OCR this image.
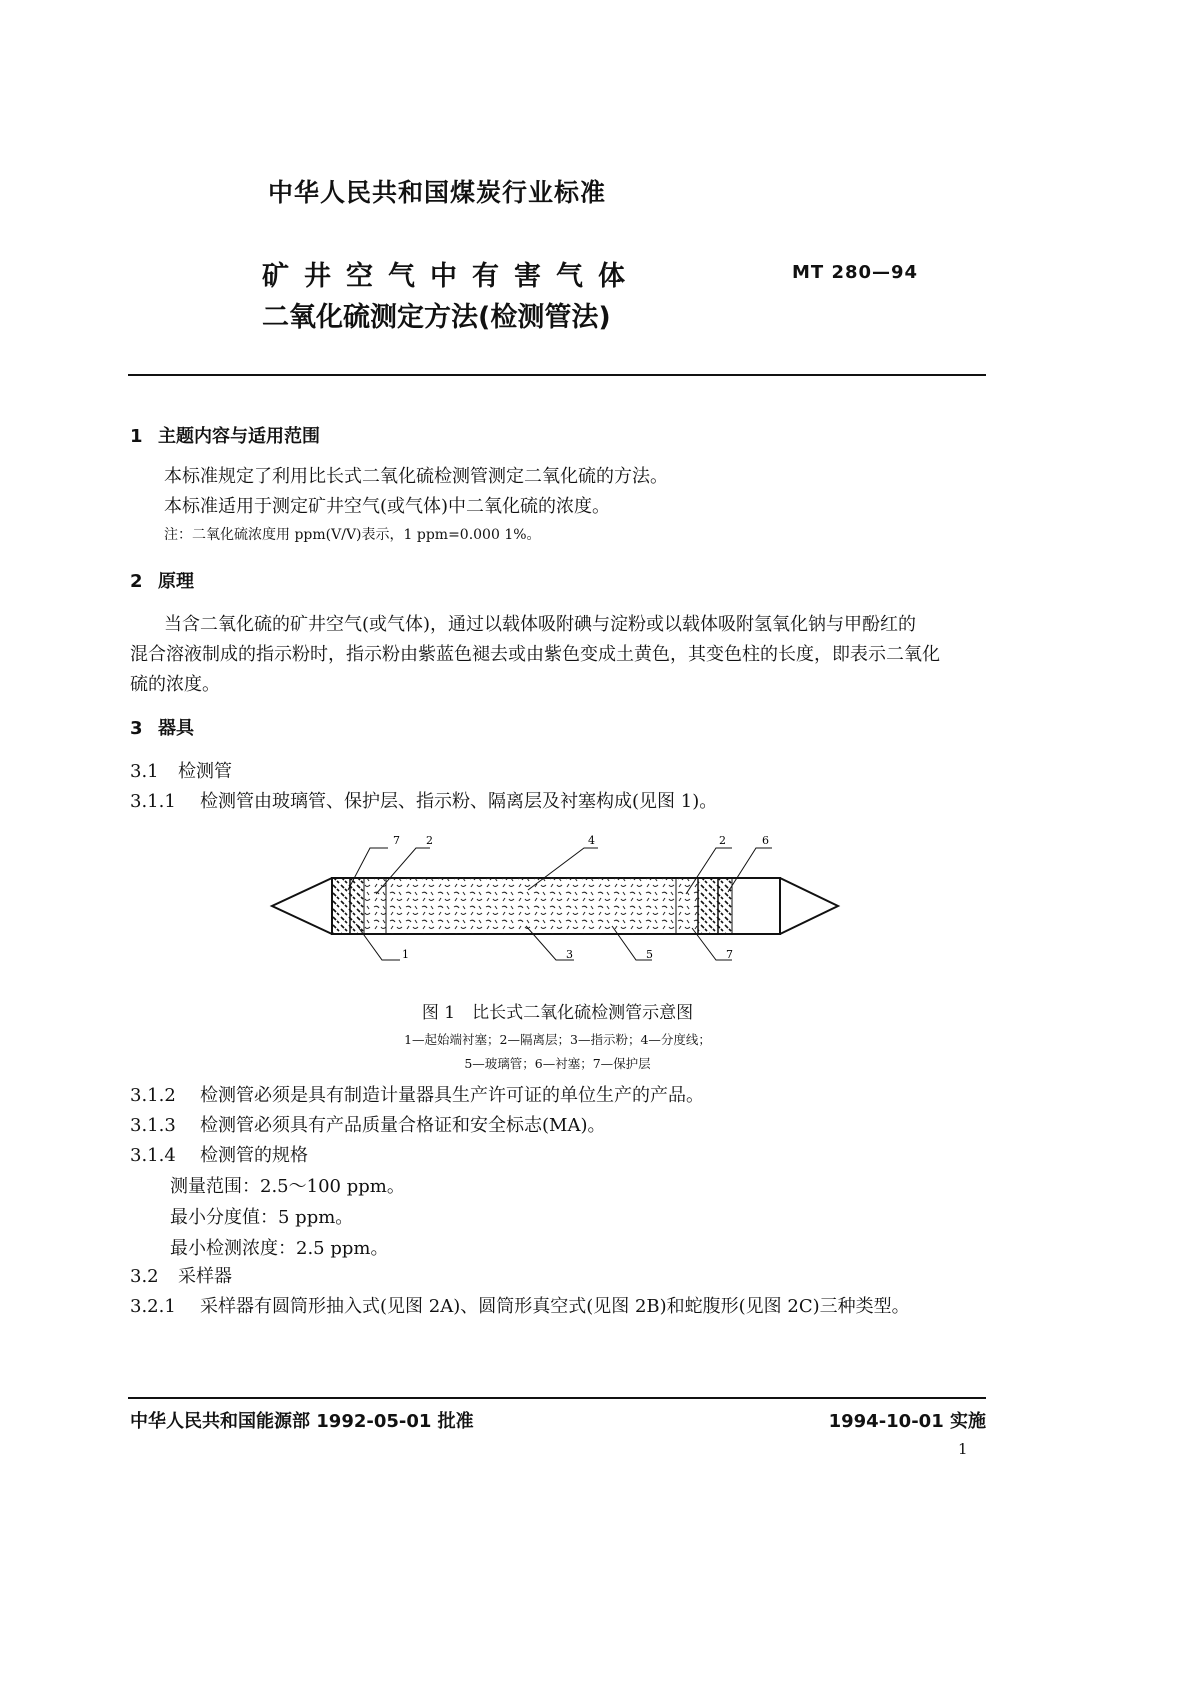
中华人民共和国煤炭行业标准
矿井空气中有害气体
二氧化硫测定方法(检测管法)
MT 280—94
1 主题内容与适用范围
本标准规定了利用比长式二氧化硫检测管测定二氧化硫的方法。
本标准适用于测定矿井空气(或气体)中二氧化硫的浓度。
注：二氧化硫浓度用 ppm(V/V)表示，1 ppm=0.000 1%。
2 原理
当含二氧化硫的矿井空气(或气体)，通过以载体吸附碘与淀粉或以载体吸附氢氧化钠与甲酚红的
混合溶液制成的指示粉时，指示粉由紫蓝色褪去或由紫色变成土黄色，其变色柱的长度，即表示二氧化
硫的浓度。
3 器具
3.1 检测管
3.1.1 检测管由玻璃管、保护层、指示粉、隔离层及衬塞构成(见图 1)。
7 2	4	2	6
1	3	5	7
图 1　比长式二氧化硫检测管示意图
1—起始端衬塞；2—隔离层；3—指示粉；4—分度线；
5—玻璃管；6—衬塞；7—保护层
3.1.2 检测管必须是具有制造计量器具生产许可证的单位生产的产品。
3.1.3 检测管必须具有产品质量合格证和安全标志(MA)。
3.1.4 检测管的规格
测量范围：2.5～100 ppm。
最小分度值：5 ppm。
最小检测浓度：2.5 ppm。
3.2 采样器
3.2.1 采样器有圆筒形抽入式(见图 2A)、圆筒形真空式(见图 2B)和蛇腹形(见图 2C)三种类型。
中华人民共和国能源部 1992-05-01 批准	1994-10-01 实施
1
